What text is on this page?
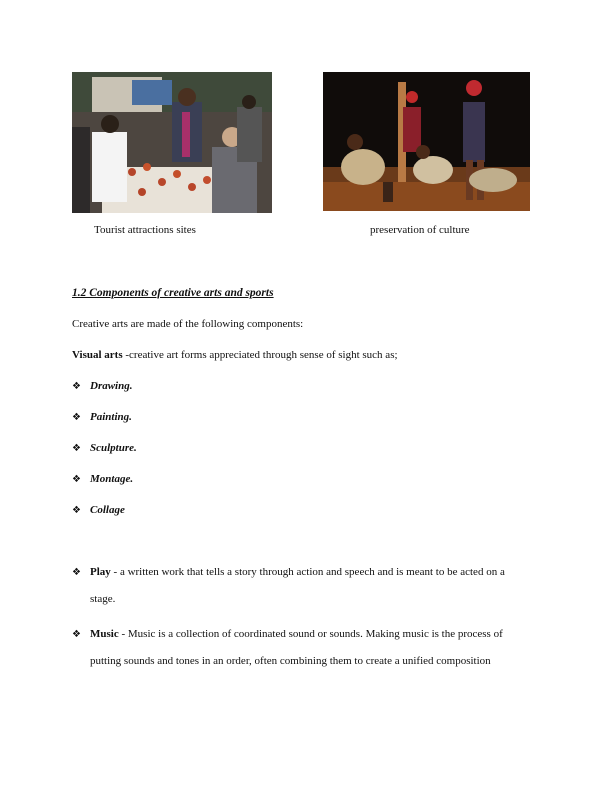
Tourist attractions sites	preservation of culture
1.2 Components of creative arts and sports
Creative arts are made of the following components:
Visual arts -creative art forms appreciated through sense of sight such as;
❖ Drawing.
❖ Painting.
❖ Sculpture.
❖ Montage.
❖ Collage
❖ Play - a written work that tells a story through action and speech and is meant to be acted on a
stage.
❖ Music - Music is a collection of coordinated sound or sounds. Making music is the process of
putting sounds and tones in an order, often combining them to create a unified composition
